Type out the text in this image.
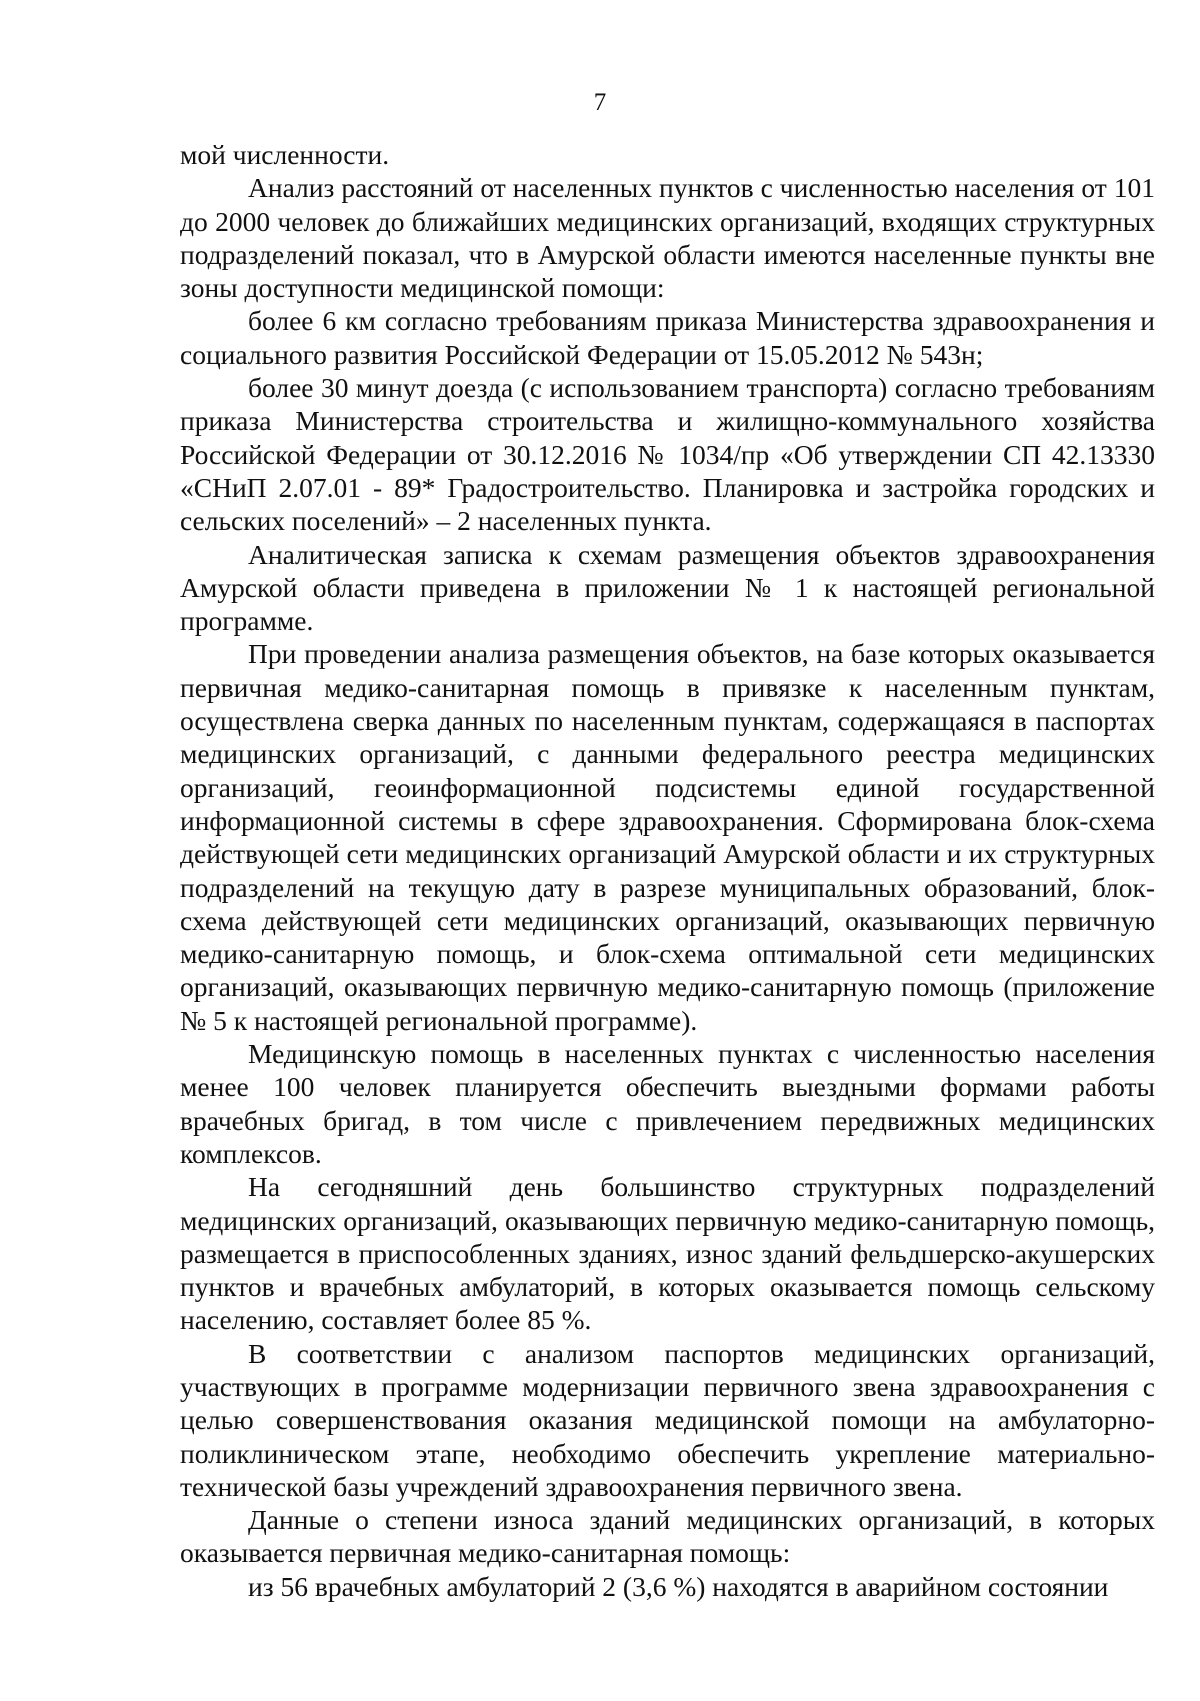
7

мой численности.

Анализ расстояний от населенных пунктов с численностью населения от 101 до 2000 человек до ближайших медицинских организаций, входящих структурных подразделений показал, что в Амурской области имеются населенные пункты вне зоны доступности медицинской помощи:

более 6 км согласно требованиям приказа Министерства здравоохранения и социального развития Российской Федерации от 15.05.2012 № 543н;

более 30 минут доезда (с использованием транспорта) согласно требованиям приказа Министерства строительства и жилищно-коммунального хозяйства Российской Федерации от 30.12.2016 № 1034/пр «Об утверждении СП 42.13330 «СНиП 2.07.01 - 89* Градостроительство. Планировка и застройка городских и сельских поселений» – 2 населенных пункта.

Аналитическая записка к схемам размещения объектов здравоохранения Амурской области приведена в приложении № 1 к настоящей региональной программе.

При проведении анализа размещения объектов, на базе которых оказывается первичная медико-санитарная помощь в привязке к населенным пунктам, осуществлена сверка данных по населенным пунктам, содержащаяся в паспортах медицинских организаций, с данными федерального реестра медицинских организаций, геоинформационной подсистемы единой государственной информационной системы в сфере здравоохранения. Сформирована блок-схема действующей сети медицинских организаций Амурской области и их структурных подразделений на текущую дату в разрезе муниципальных образований, блок-схема действующей сети медицинских организаций, оказывающих первичную медико-санитарную помощь, и блок-схема оптимальной сети медицинских организаций, оказывающих первичную медико-санитарную помощь (приложение № 5 к настоящей региональной программе).

Медицинскую помощь в населенных пунктах с численностью населения менее 100 человек планируется обеспечить выездными формами работы врачебных бригад, в том числе с привлечением передвижных медицинских комплексов.

На сегодняшний день большинство структурных подразделений медицинских организаций, оказывающих первичную медико-санитарную помощь, размещается в приспособленных зданиях, износ зданий фельдшерско-акушерских пунктов и врачебных амбулаторий, в которых оказывается помощь сельскому населению, составляет более 85 %.

В соответствии с анализом паспортов медицинских организаций, участвующих в программе модернизации первичного звена здравоохранения с целью совершенствования оказания медицинской помощи на амбулаторно-поликлиническом этапе, необходимо обеспечить укрепление материально-технической базы учреждений здравоохранения первичного звена.

Данные о степени износа зданий медицинских организаций, в которых оказывается первичная медико-санитарная помощь:

из 56 врачебных амбулаторий 2 (3,6 %) находятся в аварийном состоянии
